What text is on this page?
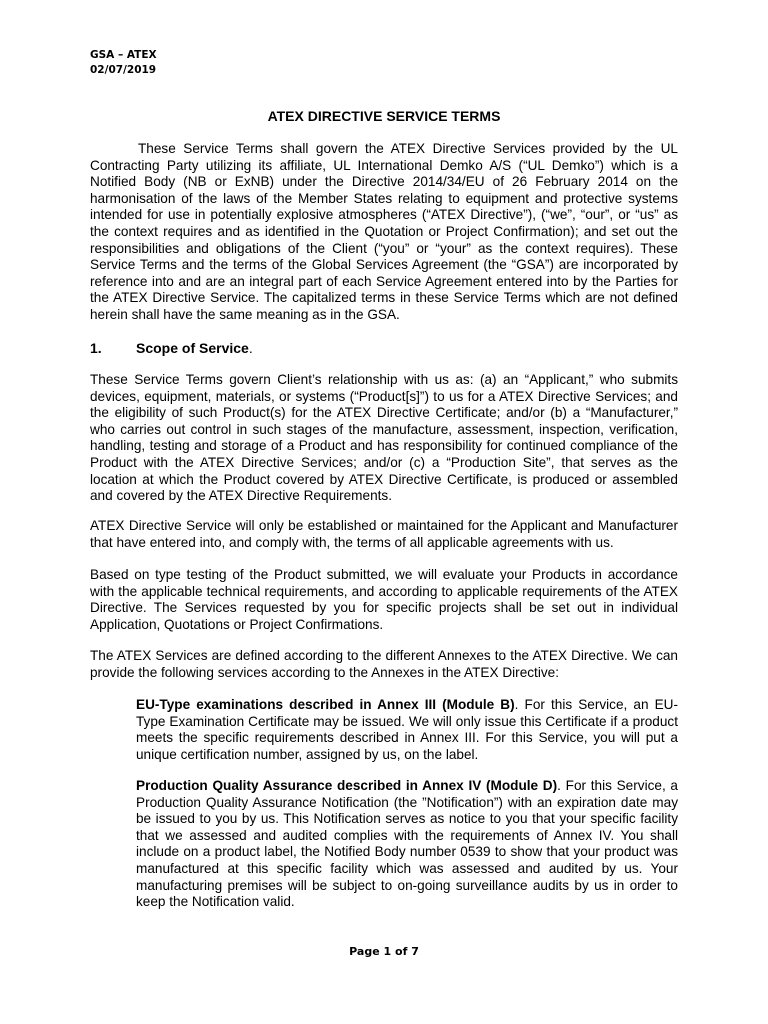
GSA – ATEX
02/07/2019
ATEX DIRECTIVE SERVICE TERMS

These Service Terms shall govern the ATEX Directive Services provided by the UL Contracting Party utilizing its affiliate, UL International Demko A/S (“UL Demko”) which is a Notified Body (NB or ExNB) under the Directive 2014/34/EU of 26 February 2014 on the harmonisation of the laws of the Member States relating to equipment and protective systems intended for use in potentially explosive atmospheres (“ATEX Directive”), (“we”, “our”, or “us” as the context requires and as identified in the Quotation or Project Confirmation); and set out the responsibilities and obligations of the Client (“you” or “your” as the context requires). These Service Terms and the terms of the Global Services Agreement (the “GSA”) are incorporated by reference into and are an integral part of each Service Agreement entered into by the Parties for the ATEX Directive Service. The capitalized terms in these Service Terms which are not defined herein shall have the same meaning as in the GSA.

1. Scope of Service.

These Service Terms govern Client’s relationship with us as: (a) an “Applicant,” who submits devices, equipment, materials, or systems (“Product[s]”) to us for a ATEX Directive Services; and the eligibility of such Product(s) for the ATEX Directive Certificate; and/or (b) a “Manufacturer,” who carries out control in such stages of the manufacture, assessment, inspection, verification, handling, testing and storage of a Product and has responsibility for continued compliance of the Product with the ATEX Directive Services; and/or (c) a “Production Site”, that serves as the location at which the Product covered by ATEX Directive Certificate, is produced or assembled and covered by the ATEX Directive Requirements.

ATEX Directive Service will only be established or maintained for the Applicant and Manufacturer that have entered into, and comply with, the terms of all applicable agreements with us.

Based on type testing of the Product submitted, we will evaluate your Products in accordance with the applicable technical requirements, and according to applicable requirements of the ATEX Directive. The Services requested by you for specific projects shall be set out in individual Application, Quotations or Project Confirmations.

The ATEX Services are defined according to the different Annexes to the ATEX Directive. We can provide the following services according to the Annexes in the ATEX Directive:

EU-Type examinations described in Annex III (Module B). For this Service, an EU-Type Examination Certificate may be issued. We will only issue this Certificate if a product meets the specific requirements described in Annex III. For this Service, you will put a unique certification number, assigned by us, on the label.

Production Quality Assurance described in Annex IV (Module D). For this Service, a Production Quality Assurance Notification (the ”Notification”) with an expiration date may be issued to you by us. This Notification serves as notice to you that your specific facility that we assessed and audited complies with the requirements of Annex IV. You shall include on a product label, the Notified Body number 0539 to show that your product was manufactured at this specific facility which was assessed and audited by us. Your manufacturing premises will be subject to on-going surveillance audits by us in order to keep the Notification valid.

Page 1 of 7
